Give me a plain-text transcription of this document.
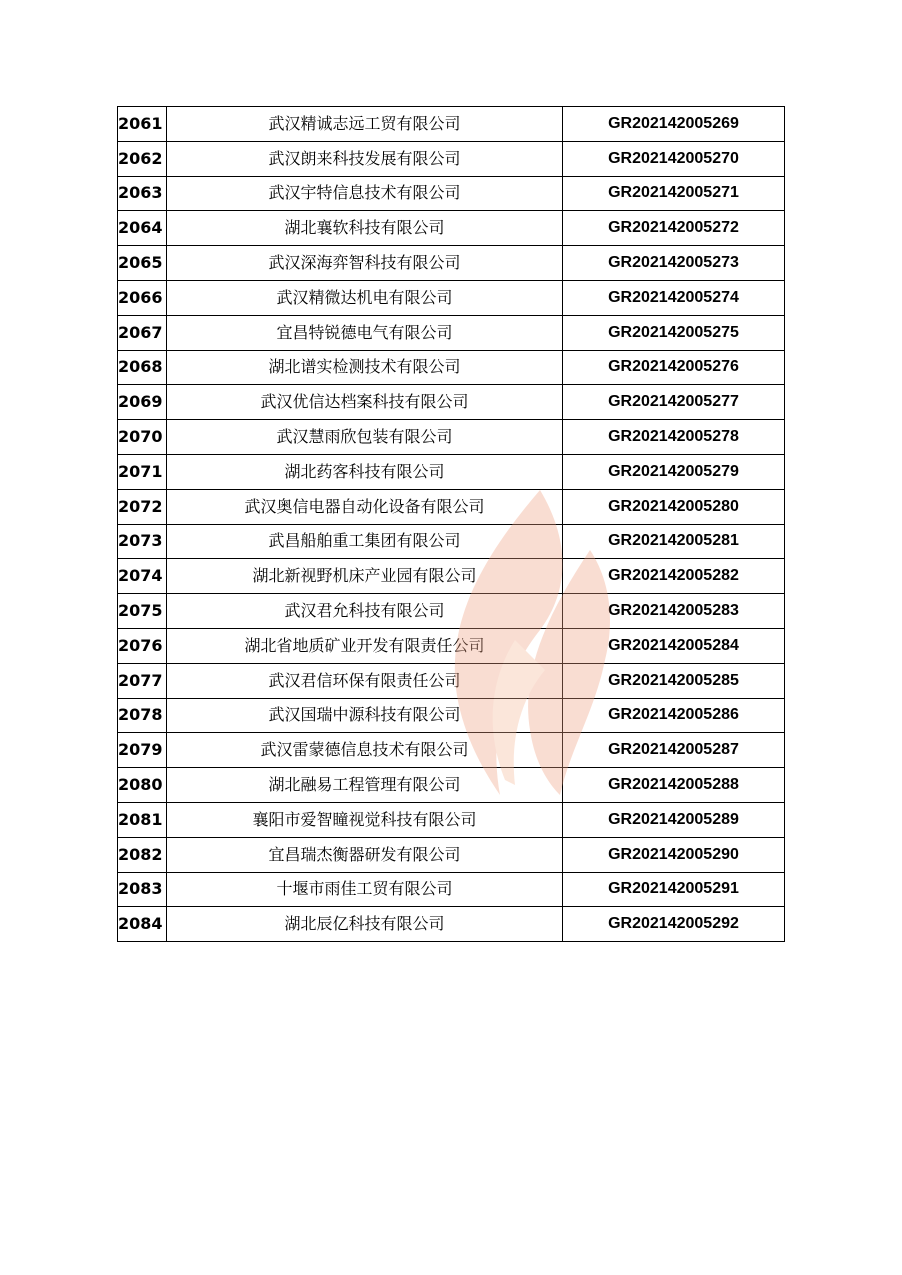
2061	武汉精诚志远工贸有限公司	GR202142005269
2062	武汉朗来科技发展有限公司	GR202142005270
2063	武汉宇特信息技术有限公司	GR202142005271
2064	湖北襄软科技有限公司	GR202142005272
2065	武汉深海弈智科技有限公司	GR202142005273
2066	武汉精微达机电有限公司	GR202142005274
2067	宜昌特锐德电气有限公司	GR202142005275
2068	湖北谱实检测技术有限公司	GR202142005276
2069	武汉优信达档案科技有限公司	GR202142005277
2070	武汉慧雨欣包装有限公司	GR202142005278
2071	湖北药客科技有限公司	GR202142005279
2072	武汉奥信电器自动化设备有限公司	GR202142005280
2073	武昌船舶重工集团有限公司	GR202142005281
2074	湖北新视野机床产业园有限公司	GR202142005282
2075	武汉君允科技有限公司	GR202142005283
2076	湖北省地质矿业开发有限责任公司	GR202142005284
2077	武汉君信环保有限责任公司	GR202142005285
2078	武汉国瑞中源科技有限公司	GR202142005286
2079	武汉雷蒙德信息技术有限公司	GR202142005287
2080	湖北融易工程管理有限公司	GR202142005288
2081	襄阳市爱智瞳视觉科技有限公司	GR202142005289
2082	宜昌瑞杰衡器研发有限公司	GR202142005290
2083	十堰市雨佳工贸有限公司	GR202142005291
2084	湖北辰亿科技有限公司	GR202142005292
